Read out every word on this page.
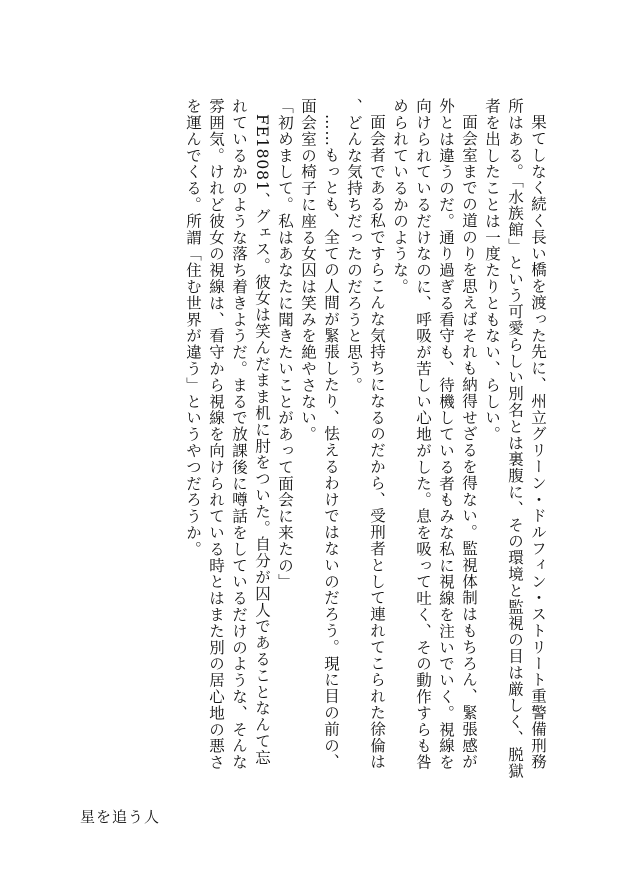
果てしなく続く長い橋を渡った先に、州立グリーン・ドルフィン・ストリート重警備刑務所はある。「水族館」という可愛らしい別名とは裏腹に、その環境と監視の目は厳しく、脱獄者を出したことは一度たりともない、らしい。

面会室までの道のりを思えばそれも納得せざるを得ない。監視体制はもちろん、緊張感が外とは違うのだ。通り過ぎる看守も、待機している者もみな私に視線を注いでいく。視線を向けられているだけなのに、呼吸が苦しい心地がした。息を吸って吐く、その動作すらも咎められているかのような。

面会者である私ですらこんな気持ちになるのだから、受刑者として連れてこられた徐倫は、どんな気持ちだったのだろうと思う。

……もっとも、全ての人間が緊張したり、怯えるわけではないのだろう。現に目の前の、面会室の椅子に座る女囚は笑みを絶やさない。

「初めまして。私はあなたに聞きたいことがあって面会に来たの」

FE18081、グェス。彼女は笑んだまま机に肘をついた。自分が囚人であることなんて忘れているかのような落ち着きようだ。まるで放課後に噂話をしているだけのような、そんな雰囲気。けれど彼女の視線は、看守から視線を向けられている時とはまた別の居心地の悪さを運んでくる。所謂「住む世界が違う」というやつだろうか。

星を追う人
